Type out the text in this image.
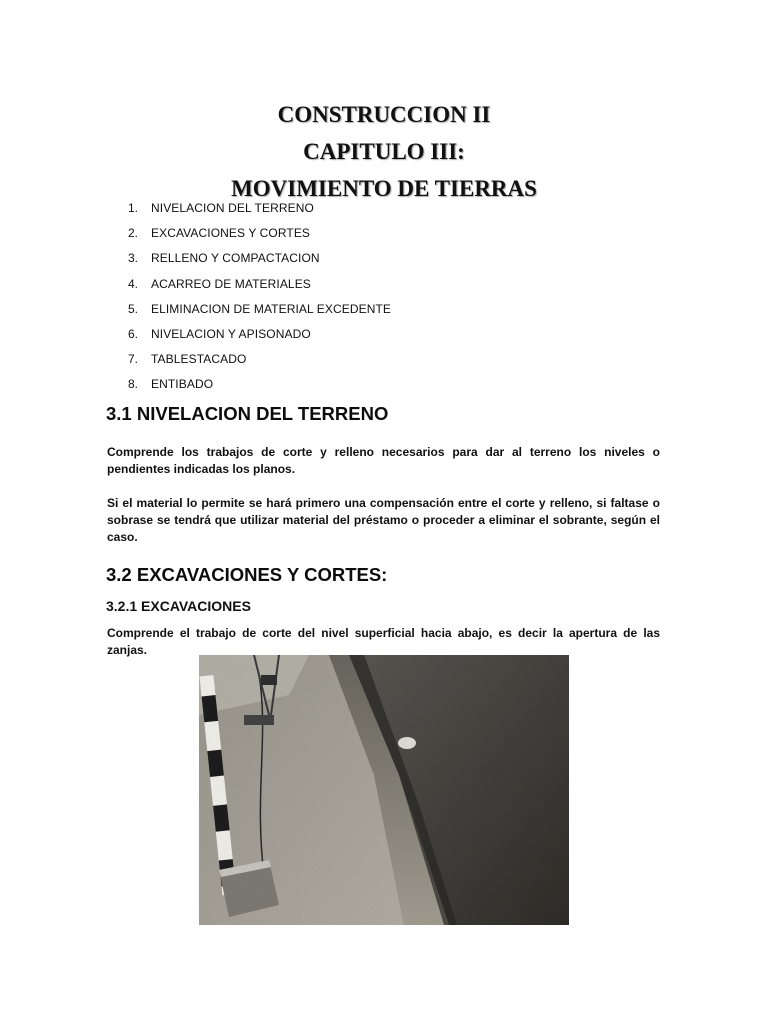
CONSTRUCCION II

CAPITULO III:

MOVIMIENTO DE TIERRAS

1.	NIVELACION DEL TERRENO
2.	EXCAVACIONES Y CORTES
3.	RELLENO Y COMPACTACION
4.	ACARREO DE MATERIALES
5.	ELIMINACION DE MATERIAL EXCEDENTE
6.	NIVELACION Y APISONADO
7.	TABLESTACADO
8.	ENTIBADO
3.1 NIVELACION DEL TERRENO

Comprende los trabajos de corte y relleno necesarios para dar al terreno los niveles o pendientes indicadas los planos.

Si el material lo permite se hará primero una compensación entre el corte y relleno, si faltase o sobrase se tendrá que utilizar material del préstamo o proceder a eliminar el sobrante, según el caso.

3.2 EXCAVACIONES Y CORTES:
3.2.1 EXCAVACIONES

Comprende el trabajo de corte del nivel superficial hacia abajo, es decir la apertura de las zanjas.
